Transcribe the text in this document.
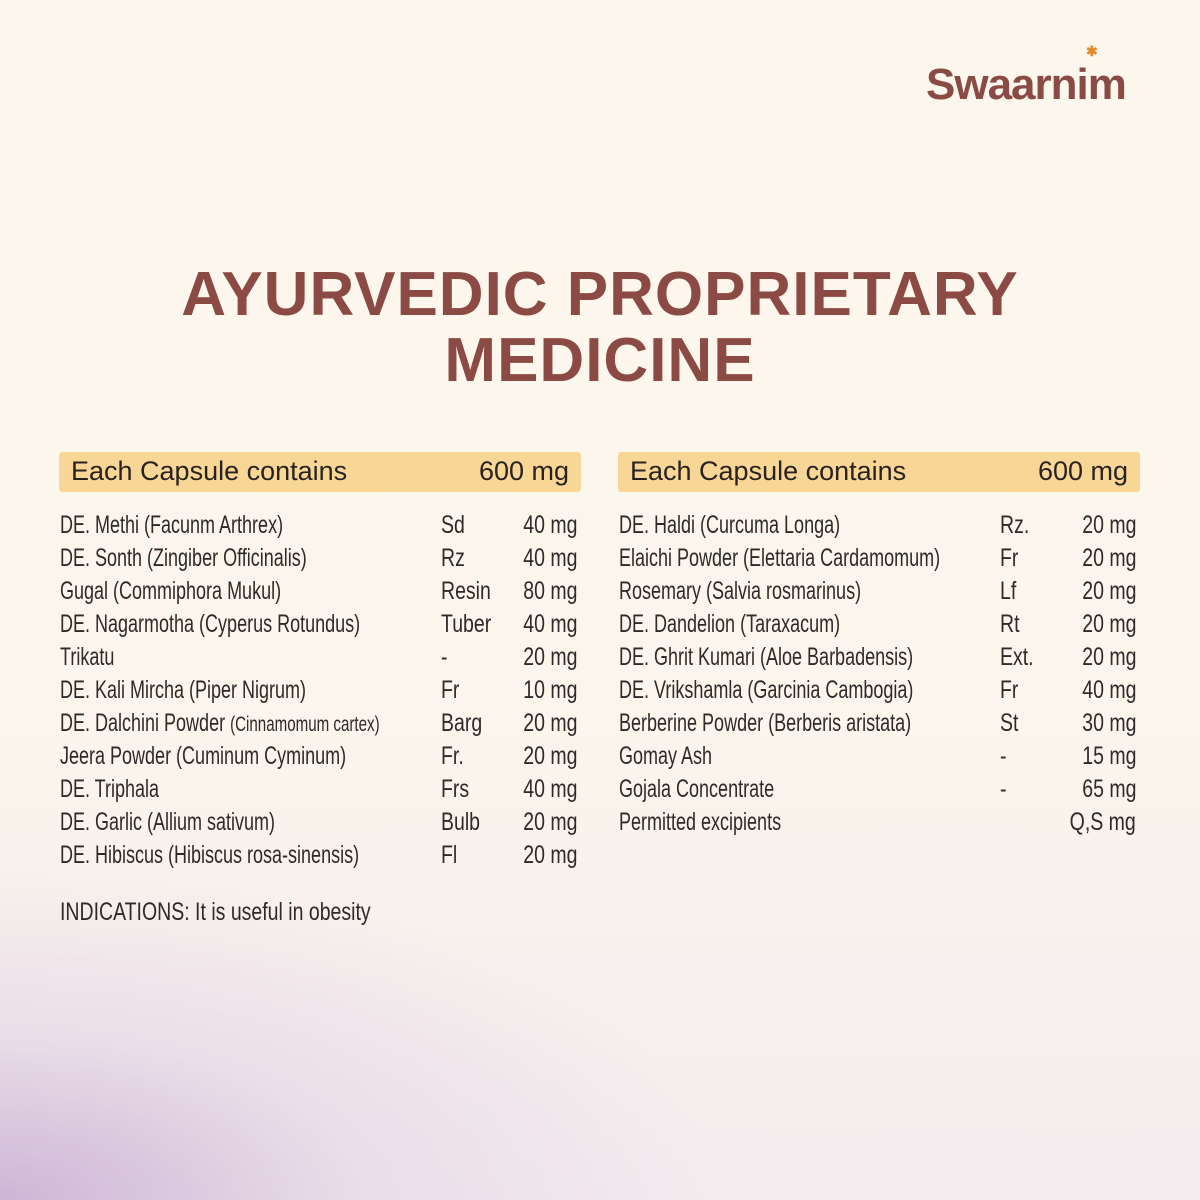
Swaarnim
✱
AYURVEDIC PROPRIETARY
MEDICINE
Each Capsule contains	600 mg
DE. Methi (Facunm Arthrex)	Sd 40 mg
DE. Sonth (Zingiber Officinalis)	Rz 40 mg
Gugal (Commiphora Mukul)	Resin 80 mg
DE. Nagarmotha (Cyperus Rotundus)	Tuber 40 mg
Trikatu	-	20 mg
DE. Kali Mircha (Piper Nigrum)	Fr	10 mg
DE. Dalchini Powder (Cinnamomum cartex) Barg 20 mg
Jeera Powder (Cuminum Cyminum)	Fr. 20 mg
DE. Triphala	Frs 40 mg
DE. Garlic (Allium sativum)	Bulb 20 mg
DE. Hibiscus (Hibiscus rosa-sinensis)	Fl	20 mg
Each Capsule contains	600 mg
DE. Haldi (Curcuma Longa)	Rz. 20 mg
Elaichi Powder (Elettaria Cardamomum) Fr	20 mg
Rosemary (Salvia rosmarinus)	Lf	20 mg
DE. Dandelion (Taraxacum)	Rt 20 mg
DE. Ghrit Kumari (Aloe Barbadensis)	Ext. 20 mg
DE. Vrikshamla (Garcinia Cambogia)	Fr	40 mg
Berberine Powder (Berberis aristata)	St	30 mg
Gomay Ash	-	15 mg
Gojala Concentrate	-	65 mg
Permitted excipients	Q,S mg
INDICATIONS: It is useful in obesity
